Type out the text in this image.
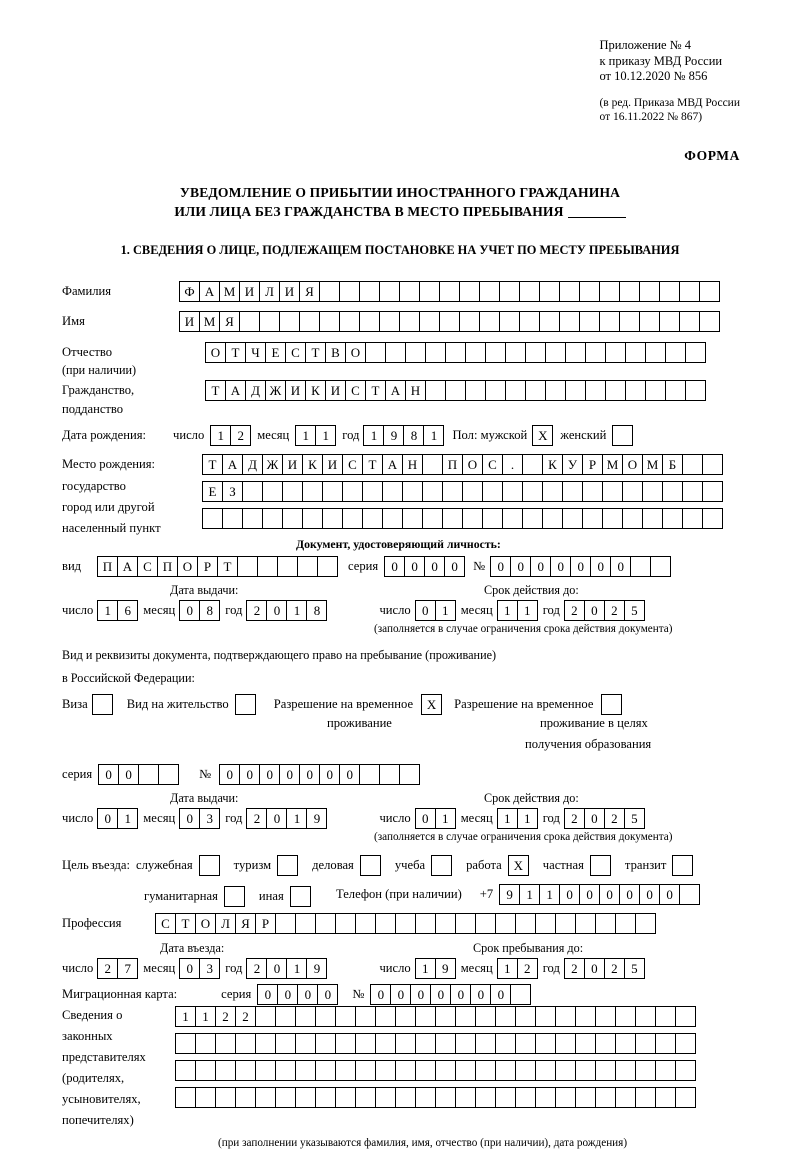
Приложение № 4
к приказу МВД России
от 10.12.2020 № 856
(в ред. Приказа МВД России
от 16.11.2022 № 867)
ФОРМА
УВЕДОМЛЕНИЕ О ПРИБЫТИИ ИНОСТРАННОГО ГРАЖДАНИНА
ИЛИ ЛИЦА БЕЗ ГРАЖДАНСТВА В МЕСТО ПРЕБЫВАНИЯ
1. СВЕДЕНИЯ О ЛИЦЕ, ПОДЛЕЖАЩЕМ ПОСТАНОВКЕ НА УЧЕТ ПО МЕСТУ ПРЕБЫВАНИЯ
Фамилия	Ф А М И Л И Я
Имя	И М Я
Отчество	О Т Ч Е С Т В О
(при наличии)
Гражданство,	Т А Д Ж И К И С Т А Н
подданство
Дата рождения:	число	1	2	месяц	1	1	год 1	9	8	1	Пол: мужской Х	женский
Место рождения:
государство
город или другой
населенный пункт
Т А Д Ж И К И С Т А Н	П О С	.	К У Р М О М Б
Е З
Документ, удостоверяющий личность:
вид	П А С П О Р Т	серия	0	0	0	0	№ 0	0	0	0	0	0	0
Дата выдачи:	Срок действия до:
число 1	6 месяц 0	8 год 2	0	1	8	число 0	1 месяц 1	1 год 2	0	2	5
(заполняется в случае ограничения срока действия документа)
Вид и реквизиты документа, подтверждающего право на пребывание (проживание)
в Российской Федерации:
Виза	Вид на жительство	Разрешение на временное	Х	Разрешение на временное
проживание	проживание в целях
получения образования
серия	0	0	№	0	0	0	0	0	0	0
Дата выдачи:	Срок действия до:
число 0	1 месяц 0	3 год 2	0	1	9	число 0	1 месяц 1	1 год 2	0	2	5
(заполняется в случае ограничения срока действия документа)
Цель въезда: служебная	туризм	деловая	учеба	работа Х	частная	транзит
гуманитарная	иная	Телефон (при наличии) +7	9	1	1	0	0	0	0	0	0
Профессия	С Т О Л Я Р
Дата въезда:	Срок пребывания до:
число 2	7 месяц 0	3 год 2	0	1	9	число 1	9 месяц 1	2 год 2	0	2	5
Миграционная карта:	серия	0	0	0	0	№	0	0	0	0	0	0	0
Сведения о
законных
представителях
(родителях,
усыновителях,
попечителях)
1	1	2	2
(при заполнении указываются фамилия, имя, отчество (при наличии), дата рождения)
